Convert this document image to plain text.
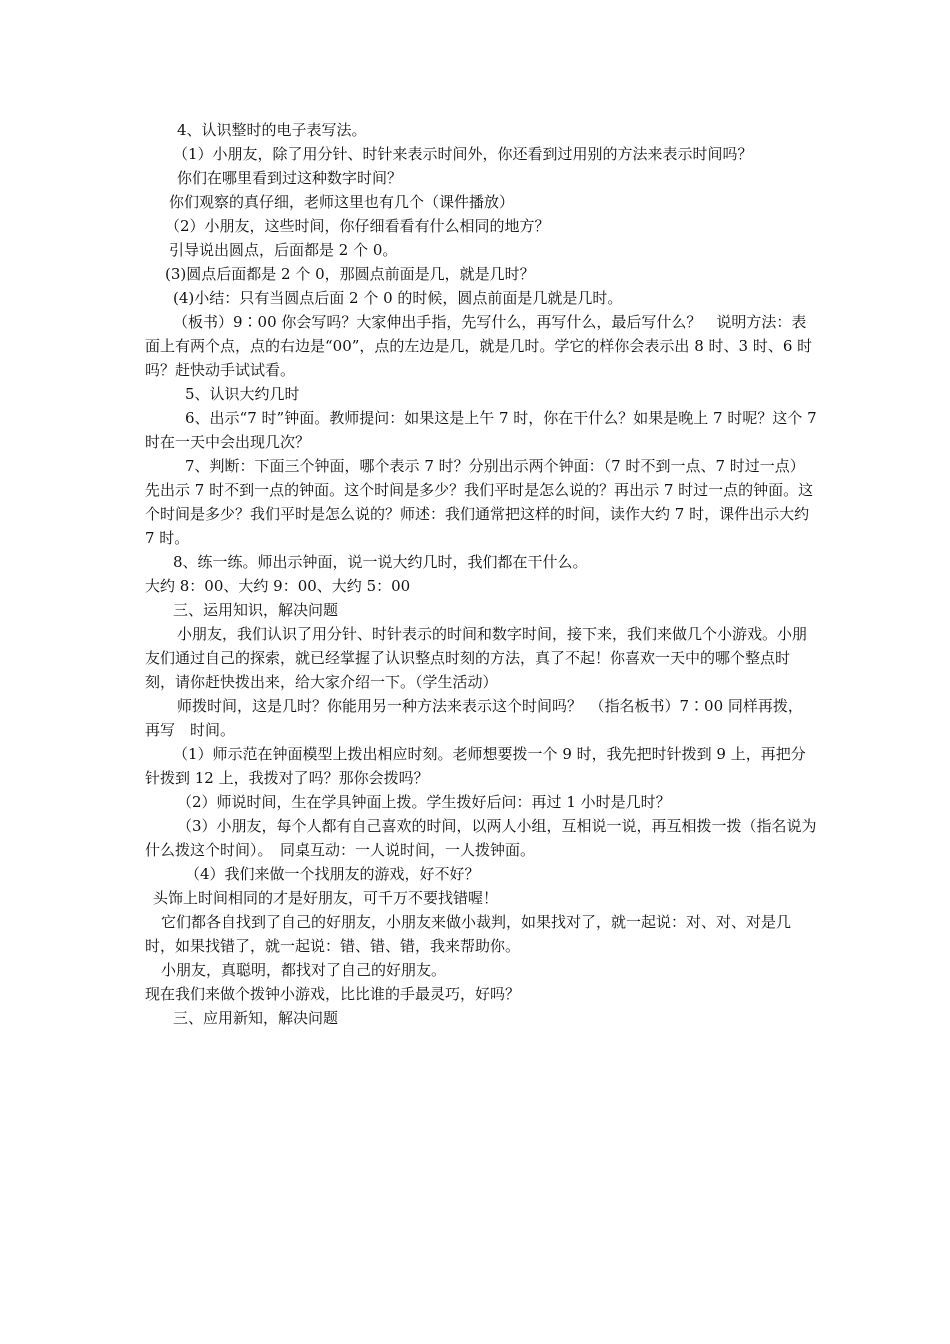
4、认识整时的电子表写法。

（1）小朋友，除了用分针、时针来表示时间外，你还看到过用别的方法来表示时间吗？

你们在哪里看到过这种数字时间？

你们观察的真仔细，老师这里也有几个（课件播放）

（2）小朋友，这些时间，你仔细看看有什么相同的地方？

引导说出圆点，后面都是 2 个 0。

(3)圆点后面都是 2 个 0，那圆点前面是几，就是几时？

(4)小结：只有当圆点后面 2 个 0 的时候，圆点前面是几就是几时。

（板书）9∶00 你会写吗？大家伸出手指，先写什么，再写什么，最后写什么？　说明方法：表面上有两个点，点的右边是“00”，点的左边是几，就是几时。学它的样你会表示出 8 时、3 时、6 时吗？赶快动手试试看。

5、认识大约几时

6、出示“7 时”钟面。教师提问：如果这是上午 7 时，你在干什么？如果是晚上 7 时呢？这个 7 时在一天中会出现几次？

7、判断：下面三个钟面，哪个表示 7 时？分别出示两个钟面：（7 时不到一点、7 时过一点）

先出示 7 时不到一点的钟面。这个时间是多少？我们平时是怎么说的？再出示 7 时过一点的钟面。这个时间是多少？我们平时是怎么说的？师述：我们通常把这样的时间，读作大约 7 时，课件出示大约 7 时。

8、练一练。师出示钟面，说一说大约几时，我们都在干什么。

大约 8：00、大约 9：00、大约 5：00

三、运用知识，解决问题

小朋友，我们认识了用分针、时针表示的时间和数字时间，接下来，我们来做几个小游戏。小朋友们通过自己的探索，就已经掌握了认识整点时刻的方法，真了不起！你喜欢一天中的哪个整点时刻，请你赶快拨出来，给大家介绍一下。（学生活动）

师拨时间，这是几时？你能用另一种方法来表示这个时间吗？　（指名板书）7∶00 同样再拨，再写　时间。

（1）师示范在钟面模型上拨出相应时刻。老师想要拨一个 9 时，我先把时针拨到 9 上，再把分针拨到 12 上，我拨对了吗？那你会拨吗？

（2）师说时间，生在学具钟面上拨。学生拨好后问：再过 1 小时是几时？

（3）小朋友，每个人都有自己喜欢的时间，以两人小组，互相说一说，再互相拨一拨（指名说为什么拨这个时间）。　同桌互动：一人说时间，一人拨钟面。

（4）我们来做一个找朋友的游戏，好不好？

头饰上时间相同的才是好朋友，可千万不要找错喔！

它们都各自找到了自己的好朋友，小朋友来做小裁判，如果找对了，就一起说：对、对、对是几时，如果找错了，就一起说：错、错、错，我来帮助你。

小朋友，真聪明，都找对了自己的好朋友。

现在我们来做个拨钟小游戏，比比谁的手最灵巧，好吗？

三、应用新知，解决问题
